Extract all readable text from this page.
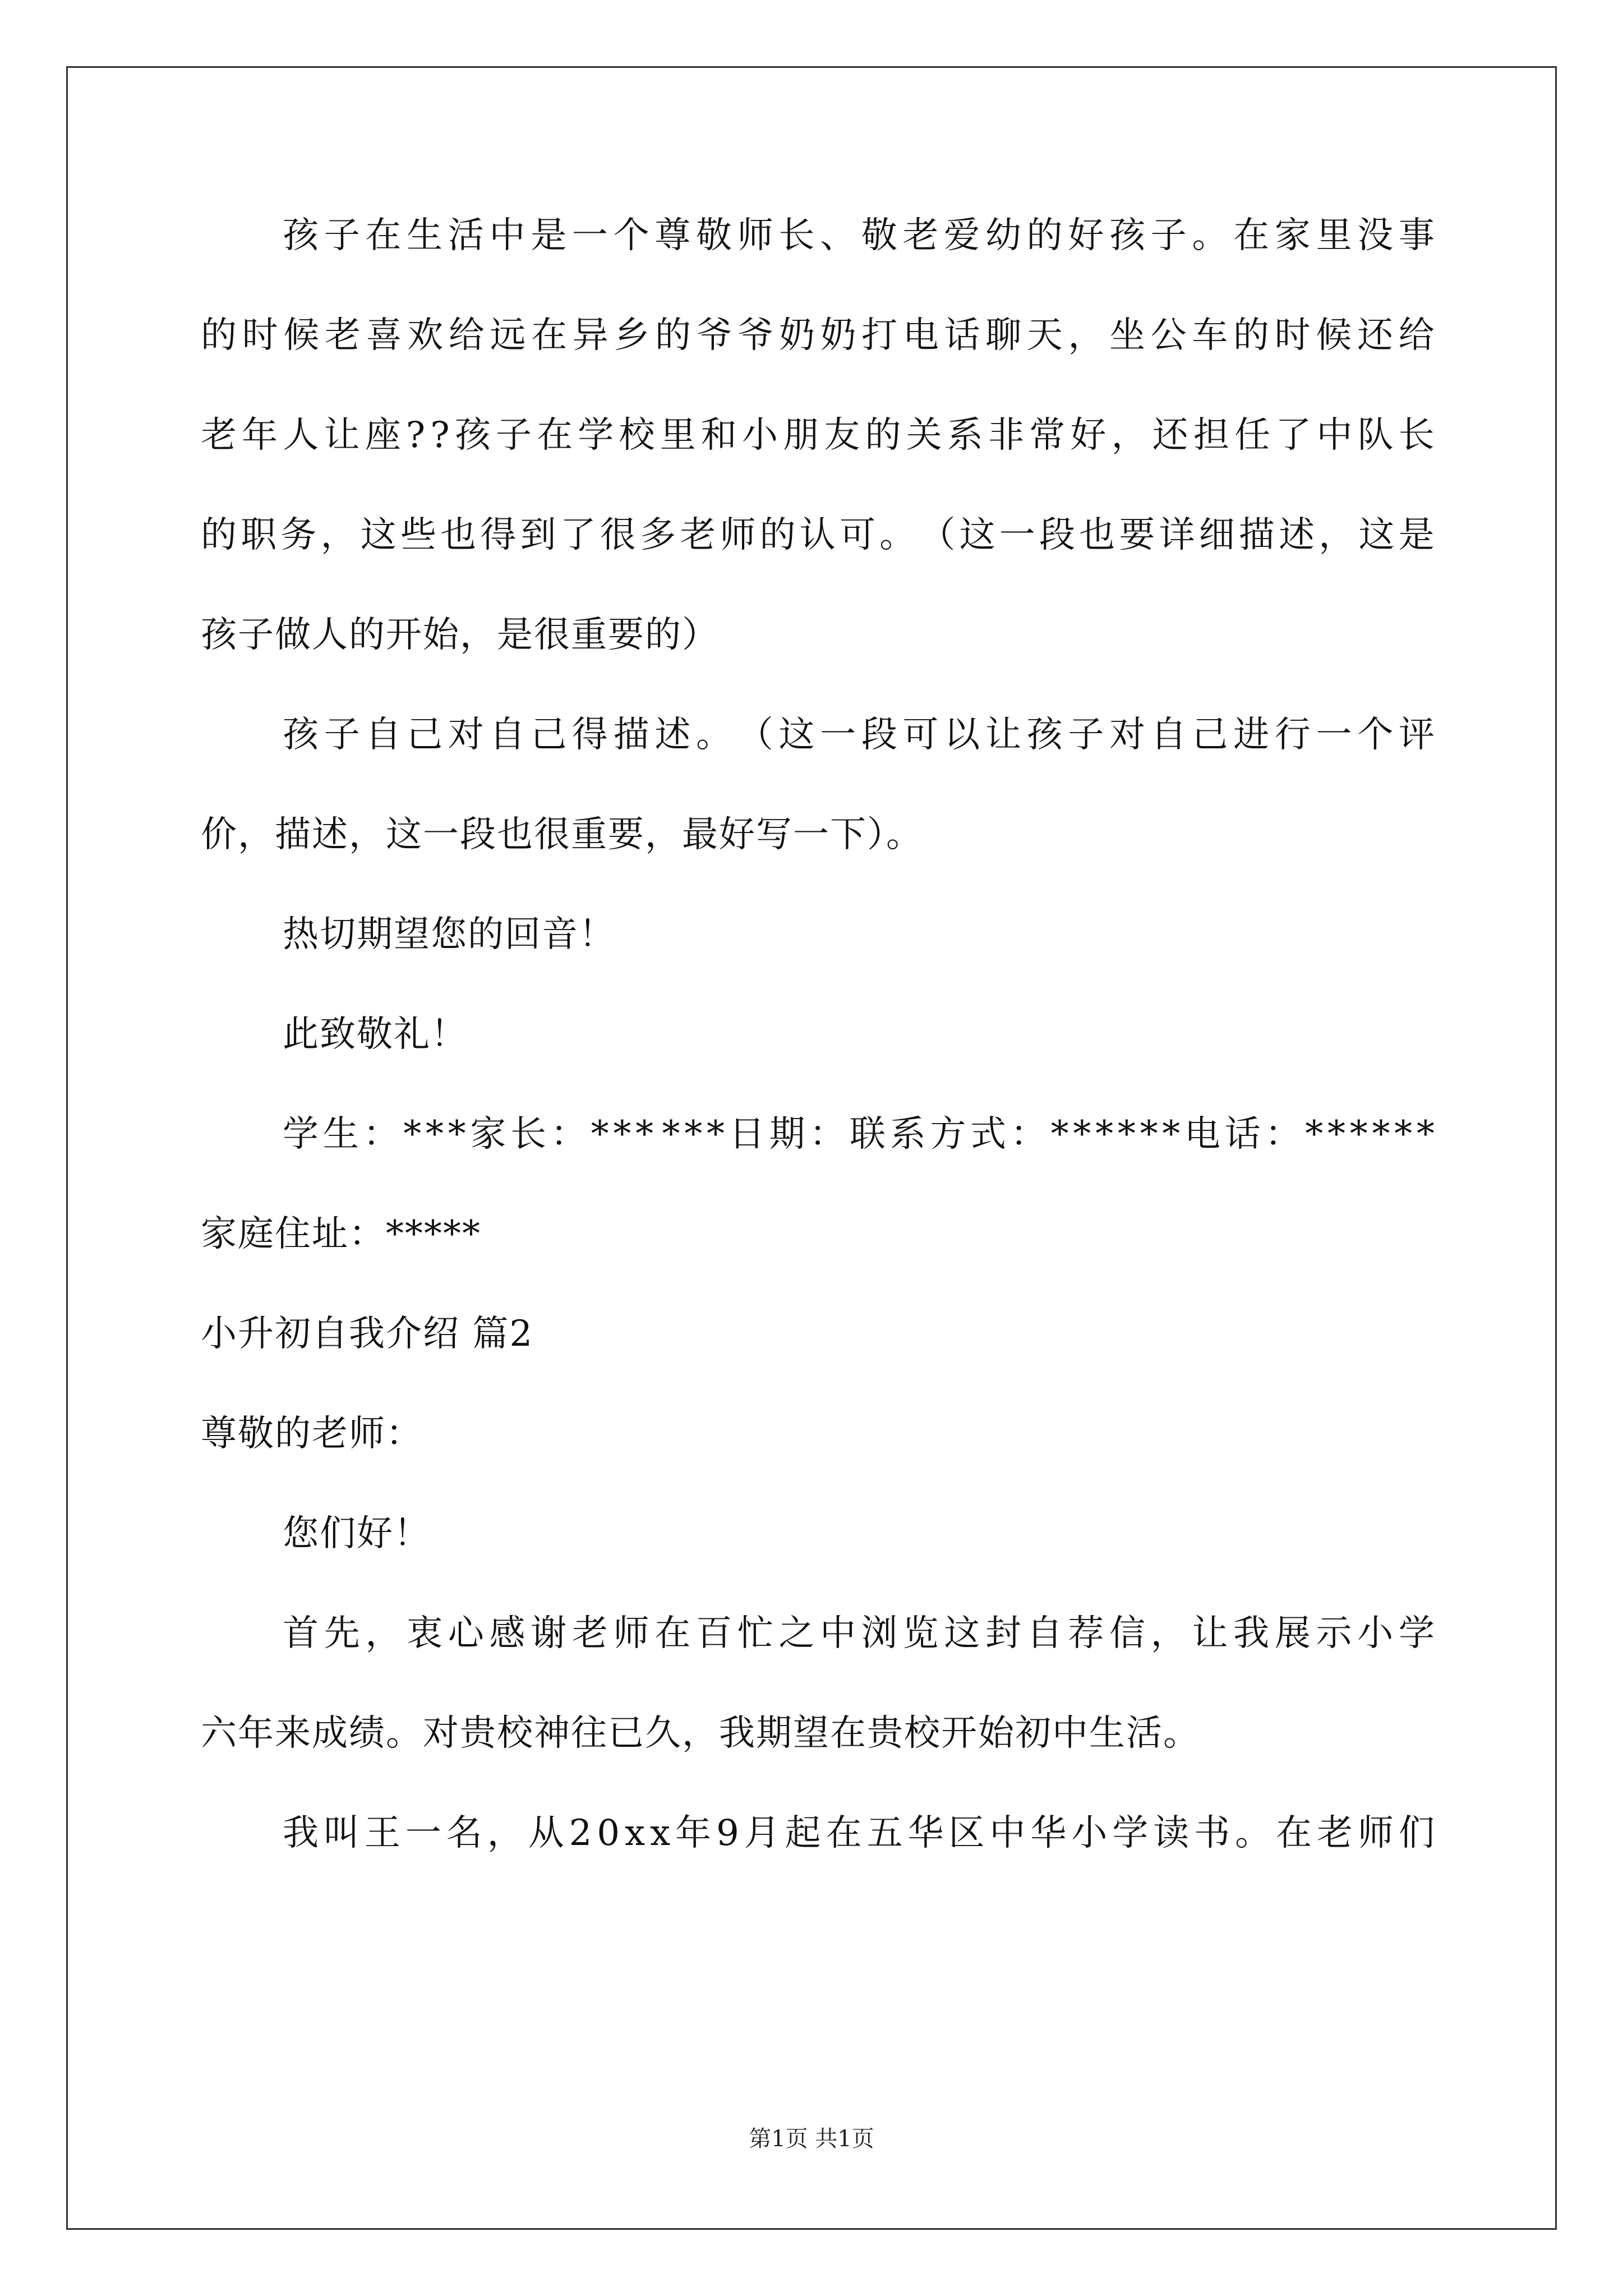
孩 子 在 生 活 中 是 一 个 尊 敬 师 长 、 敬 老 爱 幼 的 好 孩 子 。 在 家 里 没 事
的 时 候 老 喜 欢 给 远 在 异 乡 的 爷 爷 奶 奶 打 电 话 聊 天 ， 坐 公 车 的 时 候 还 给
老 年 人 让 座 ? ? 孩 子 在 学 校 里 和 小 朋 友 的 关 系 非 常 好 ， 还 担 任 了 中 队 长
的 职 务 ， 这 些 也 得 到 了 很 多 老 师 的 认 可 。 （ 这 一 段 也 要 详 细 描 述 ， 这 是
孩子做人的开始，是很重要的）
孩 子 自 己 对 自 己 得 描 述 。 （ 这 一 段 可 以 让 孩 子 对 自 己 进 行 一 个 评
价，描述，这一段也很重要，最好写一下）。
热切期望您的回音！
此致敬礼！
学 生 ： * * * 家 长 ： * * * * * * 日 期 ： 联 系 方 式 ： * * * * * * 电 话 ： * * * * * *
家庭住址：*****
小升初自我介绍 篇2
尊敬的老师：
您们好！
首 先 ， 衷 心 感 谢 老 师 在 百 忙 之 中 浏 览 这 封 自 荐 信 ， 让 我 展 示 小 学
六年来成绩。对贵校神往已久，我期望在贵校开始初中生活。
我 叫 王 一 名 ， 从 2 0 x x 年 9 月 起 在 五 华 区 中 华 小 学 读 书 。 在 老 师 们
第1页 共1页
